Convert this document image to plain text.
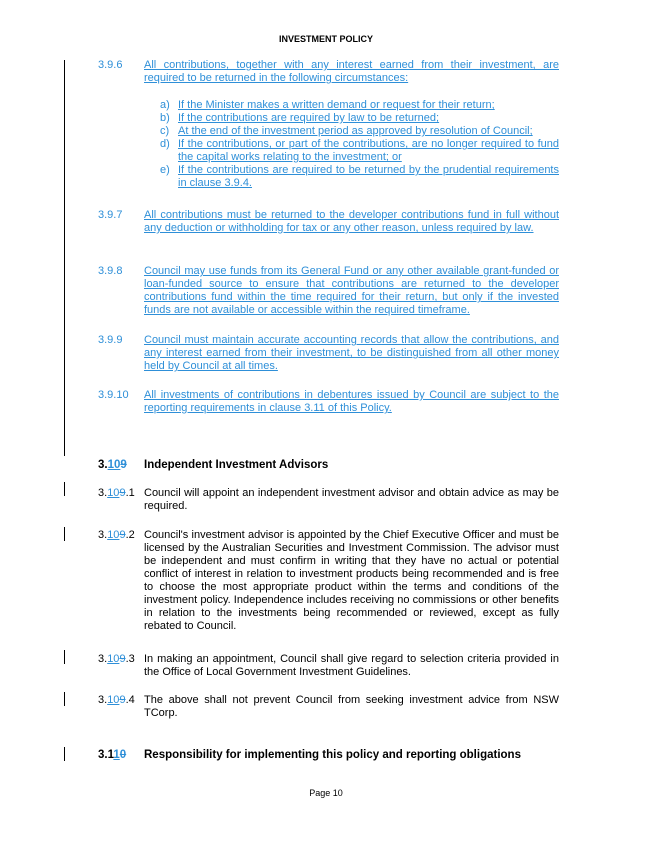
INVESTMENT POLICY
3.9.6 All contributions, together with any interest earned from their investment, are required to be returned in the following circumstances:
a) If the Minister makes a written demand or request for their return;
b) If the contributions are required by law to be returned;
c) At the end of the investment period as approved by resolution of Council;
d) If the contributions, or part of the contributions, are no longer required to fund the capital works relating to the investment; or
e) If the contributions are required to be returned by the prudential requirements in clause 3.9.4.
3.9.7 All contributions must be returned to the developer contributions fund in full without any deduction or withholding for tax or any other reason, unless required by law.
3.9.8 Council may use funds from its General Fund or any other available grant-funded or loan-funded source to ensure that contributions are returned to the developer contributions fund within the time required for their return, but only if the invested funds are not available or accessible within the required timeframe.
3.9.9 Council must maintain accurate accounting records that allow the contributions, and any interest earned from their investment, to be distinguished from all other money held by Council at all times.
3.9.10 All investments of contributions in debentures issued by Council are subject to the reporting requirements in clause 3.11 of this Policy.
3.109 Independent Investment Advisors
3.109.1 Council will appoint an independent investment advisor and obtain advice as may be required.
3.109.2 Council's investment advisor is appointed by the Chief Executive Officer and must be licensed by the Australian Securities and Investment Commission. The advisor must be independent and must confirm in writing that they have no actual or potential conflict of interest in relation to investment products being recommended and is free to choose the most appropriate product within the terms and conditions of the investment policy. Independence includes receiving no commissions or other benefits in relation to the investments being recommended or reviewed, except as fully rebated to Council.
3.109.3 In making an appointment, Council shall give regard to selection criteria provided in the Office of Local Government Investment Guidelines.
3.109.4 The above shall not prevent Council from seeking investment advice from NSW TCorp.
3.110 Responsibility for implementing this policy and reporting obligations
Page 10
